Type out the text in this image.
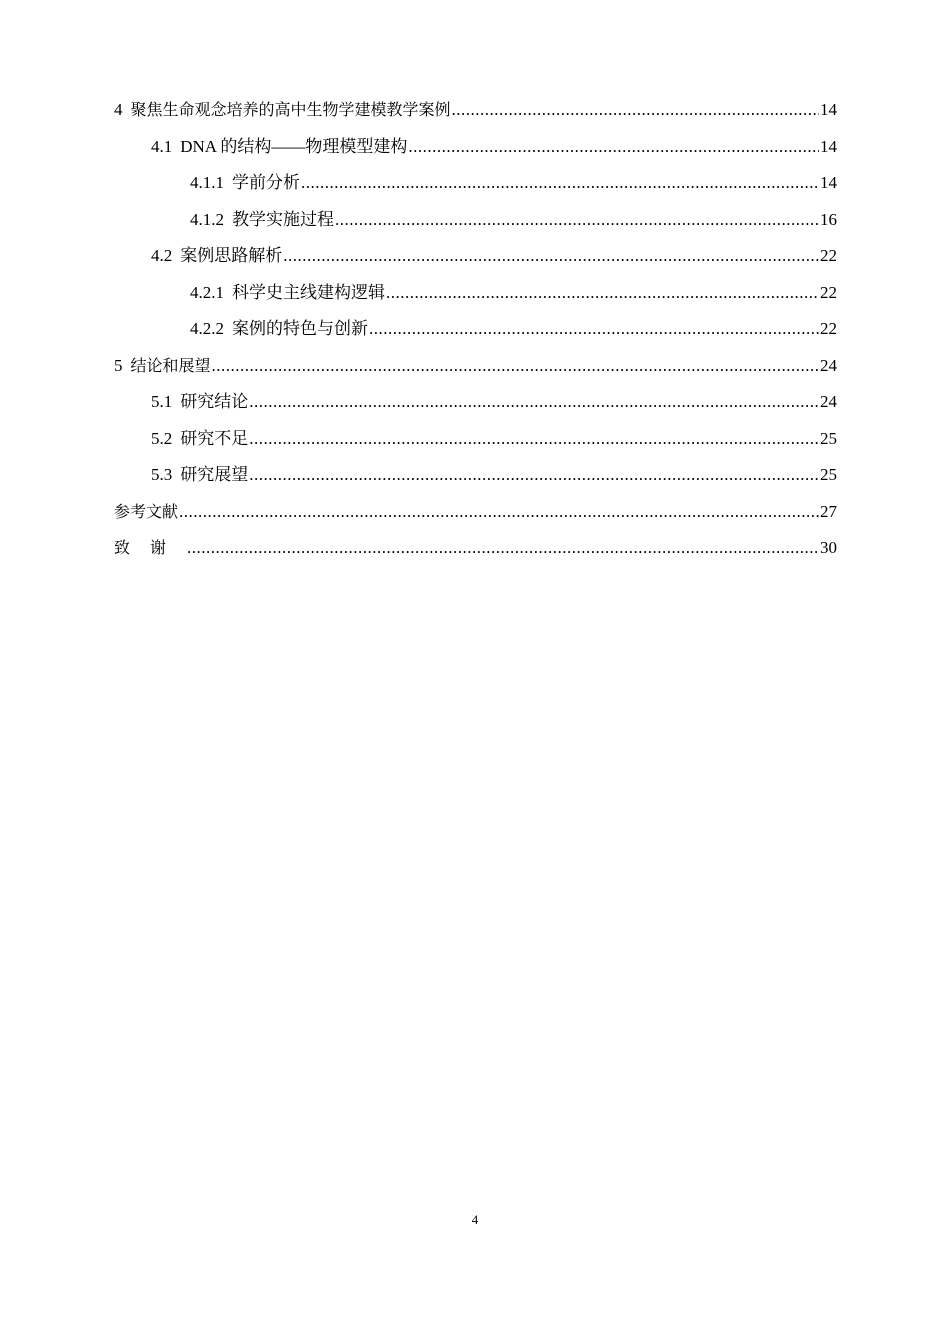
4 聚焦生命观念培养的高中生物学建模教学案例 .....	14
4.1 DNA 的结构——物理模型建构 .....	14
4.1.1 学前分析 .....	14
4.1.2 教学实施过程 .....	16
4.2 案例思路解析 .....	22
4.2.1 科学史主线建构逻辑 .....	22
4.2.2 案例的特色与创新 .....	22
5 结论和展望 .....	24
5.1 研究结论 .....	24
5.2 研究不足 .....	25
5.3 研究展望 .....	25
参考文献 .....	27
致谢 .....	30
4
